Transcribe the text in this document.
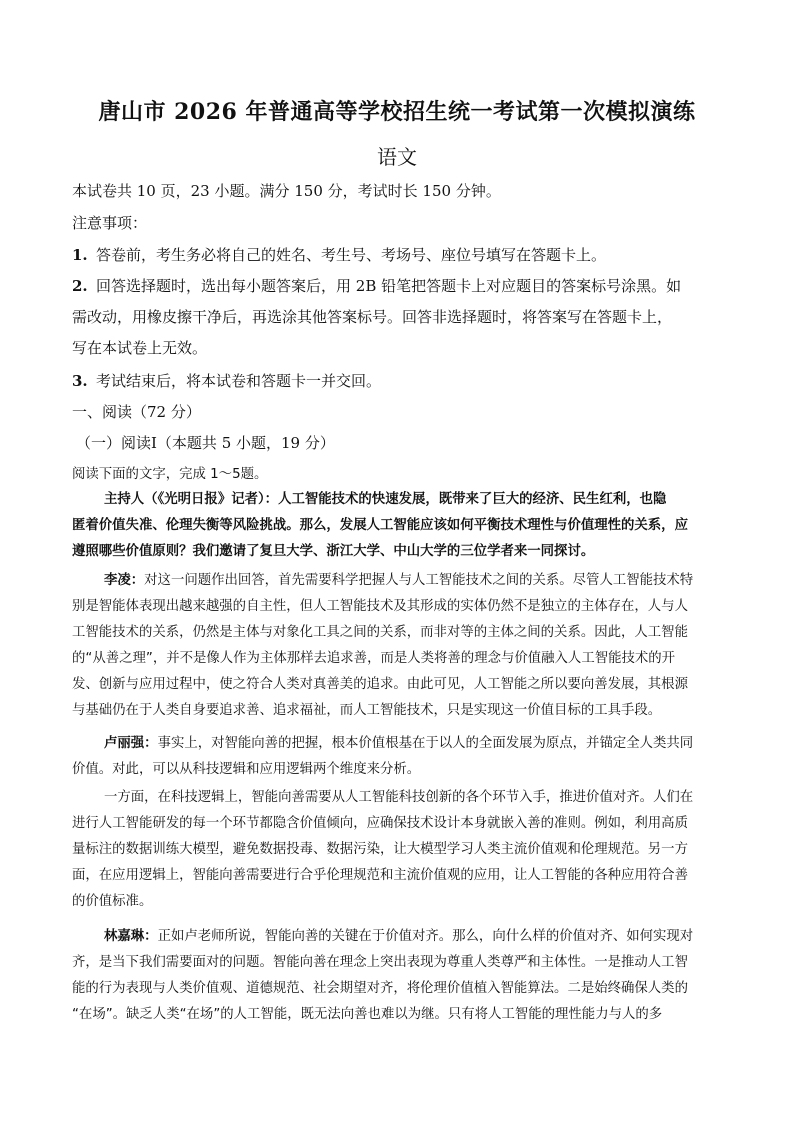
唐山市 2026 年普通高等学校招生统一考试第一次模拟演练
语文
本试卷共 10 页，23 小题。满分 150 分，考试时长 150 分钟。
注意事项：
1. 答卷前，考生务必将自己的姓名、考生号、考场号、座位号填写在答题卡上。
2. 回答选择题时，选出每小题答案后，用 2B 铅笔把答题卡上对应题目的答案标号涂黑。如
需改动，用橡皮擦干净后，再选涂其他答案标号。回答非选择题时，将答案写在答题卡上，
写在本试卷上无效。
3. 考试结束后，将本试卷和答题卡一并交回。
一、阅读（72 分）
（一）阅读Ⅰ（本题共 5 小题，19 分）
阅读下面的文字，完成 1～5题。
主持人（《光明日报》记者）：人工智能技术的快速发展，既带来了巨大的经济、民生红利，也隐
匿着价值失准、伦理失衡等风险挑战。那么，发展人工智能应该如何平衡技术理性与价值理性的关系，应
遵照哪些价值原则？我们邀请了复旦大学、浙江大学、中山大学的三位学者来一同探讨。
李凌：对这一问题作出回答，首先需要科学把握人与人工智能技术之间的关系。尽管人工智能技术特
别是智能体表现出越来越强的自主性，但人工智能技术及其形成的实体仍然不是独立的主体存在，人与人
工智能技术的关系，仍然是主体与对象化工具之间的关系，而非对等的主体之间的关系。因此，人工智能
的“从善之理”，并不是像人作为主体那样去追求善，而是人类将善的理念与价值融入人工智能技术的开
发、创新与应用过程中，使之符合人类对真善美的追求。由此可见，人工智能之所以要向善发展，其根源
与基础仍在于人类自身要追求善、追求福祉，而人工智能技术，只是实现这一价值目标的工具手段。
卢丽强：事实上，对智能向善的把握，根本价值根基在于以人的全面发展为原点，并锚定全人类共同
价值。对此，可以从科技逻辑和应用逻辑两个维度来分析。
一方面，在科技逻辑上，智能向善需要从人工智能科技创新的各个环节入手，推进价值对齐。人们在
进行人工智能研发的每一个环节都隐含价值倾向，应确保技术设计本身就嵌入善的准则。例如，利用高质
量标注的数据训练大模型，避免数据投毒、数据污染，让大模型学习人类主流价值观和伦理规范。另一方
面，在应用逻辑上，智能向善需要进行合乎伦理规范和主流价值观的应用，让人工智能的各种应用符合善
的价值标准。
林嘉琳：正如卢老师所说，智能向善的关键在于价值对齐。那么，向什么样的价值对齐、如何实现对
齐，是当下我们需要面对的问题。智能向善在理念上突出表现为尊重人类尊严和主体性。一是推动人工智
能的行为表现与人类价值观、道德规范、社会期望对齐，将伦理价值植入智能算法。二是始终确保人类的
“在场”。缺乏人类“在场”的人工智能，既无法向善也难以为继。只有将人工智能的理性能力与人的多
